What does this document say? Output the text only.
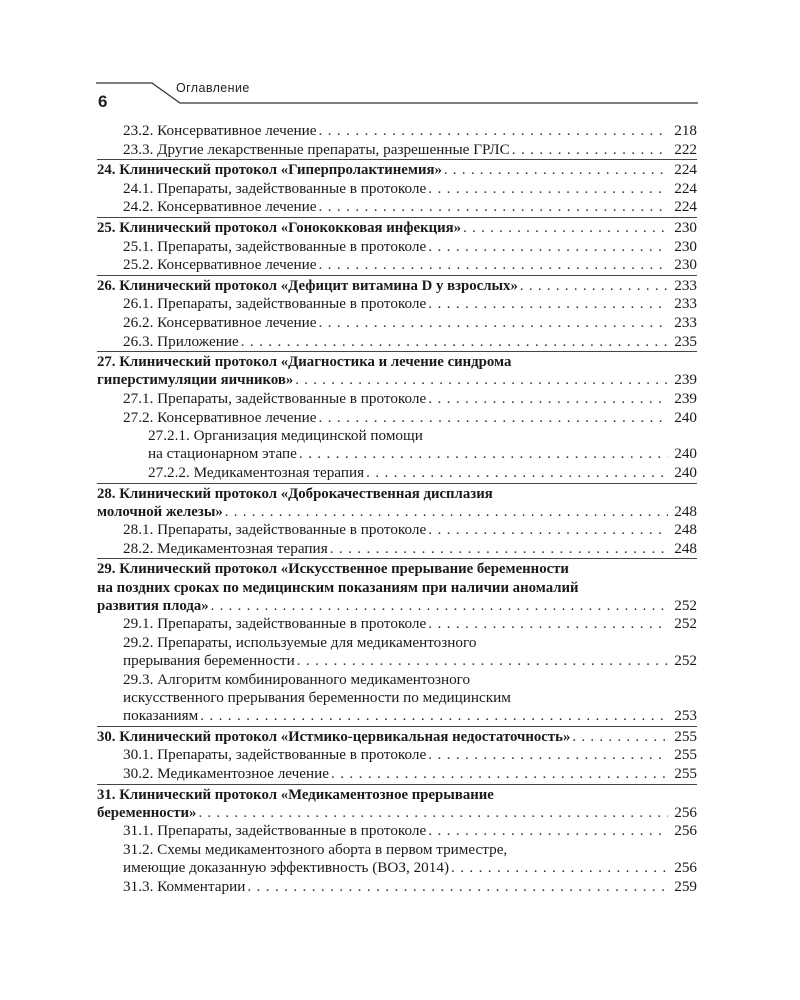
6
Оглавление
23.2. Консервативное лечение . . .	218
23.3. Другие лекарственные препараты, разрешенные ГРЛС . . .	222
24. Клинический протокол «Гиперпролактинемия» . . .	224
24.1. Препараты, задействованные в протоколе . . .	224
24.2. Консервативное лечение . . .	224
25. Клинический протокол «Гонококковая инфекция» . . .	230
25.1. Препараты, задействованные в протоколе . . .	230
25.2. Консервативное лечение . . .	230
26. Клинический протокол «Дефицит витамина D у взрослых» . . .	233
26.1. Препараты, задействованные в протоколе . . .	233
26.2. Консервативное лечение . . .	233
26.3. Приложение . . .	235
27. Клинический протокол «Диагностика и лечение синдрома
гиперстимуляции яичников» . . .	239
27.1. Препараты, задействованные в протоколе . . .	239
27.2. Консервативное лечение . . .	240
27.2.1. Организация медицинской помощи
на стационарном этапе . . .	240
27.2.2. Медикаментозная терапия . . .	240
28. Клинический протокол «Доброкачественная дисплазия
молочной железы» . . .	248
28.1. Препараты, задействованные в протоколе . . .	248
28.2. Медикаментозная терапия . . .	248
29. Клинический протокол «Искусственное прерывание беременности
на поздних сроках по медицинским показаниям при наличии аномалий
развития плода» . . .	252
29.1. Препараты, задействованные в протоколе . . .	252
29.2. Препараты, используемые для медикаментозного
прерывания беременности . . .	252
29.3. Алгоритм комбинированного медикаментозного
искусственного прерывания беременности по медицинским
показаниям . . .	253
30. Клинический протокол «Истмико-цервикальная недостаточность» . . .	255
30.1. Препараты, задействованные в протоколе . . .	255
30.2. Медикаментозное лечение . . .	255
31. Клинический протокол «Медикаментозное прерывание
беременности» . . .	256
31.1. Препараты, задействованные в протоколе . . .	256
31.2. Схемы медикаментозного аборта в первом триместре,
имеющие доказанную эффективность (ВОЗ, 2014) . . .	256
31.3. Комментарии . . .	259
